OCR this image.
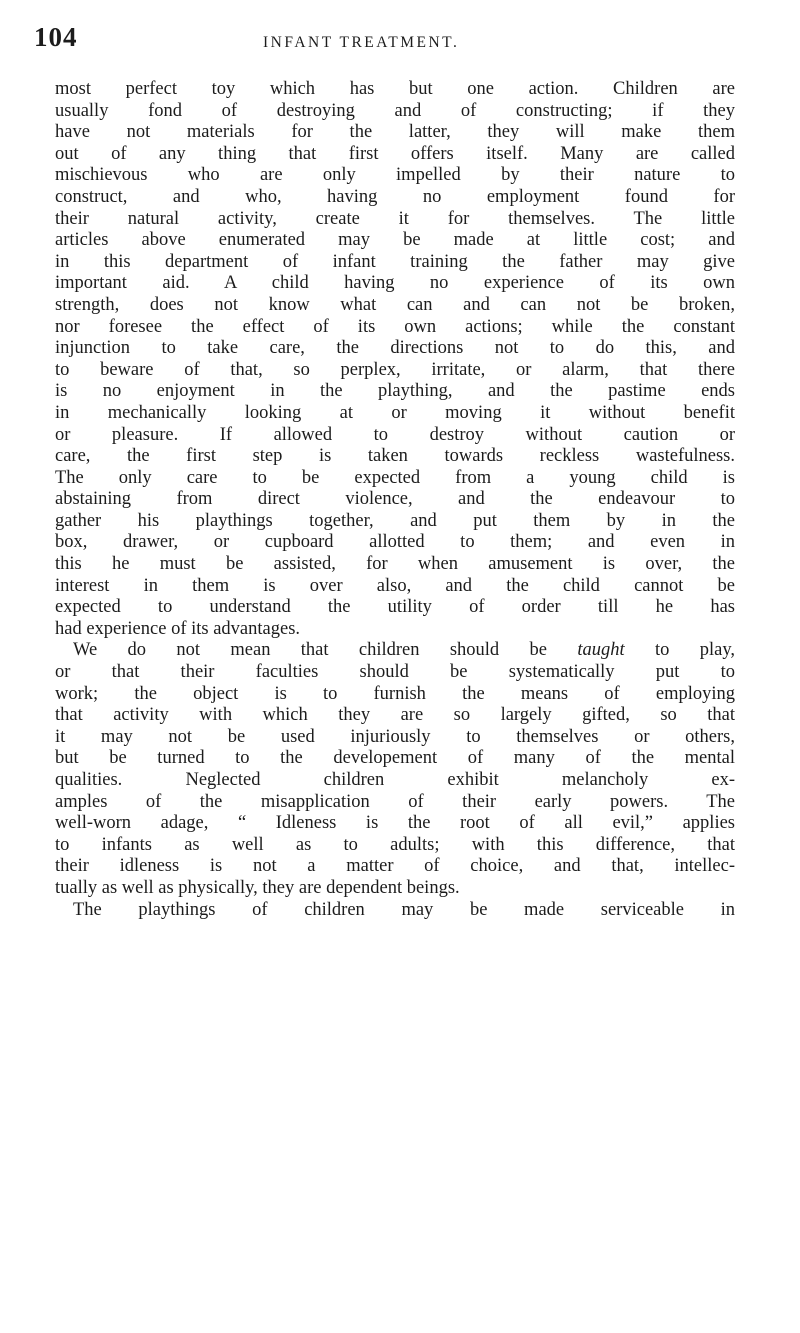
104	INFANT TREATMENT.
most perfect toy which has but one action. Children are
usually fond of destroying and of constructing; if they
have not materials for the latter, they will make them
out of any thing that first offers itself. Many are called
mischievous who are only impelled by their nature to
construct, and who, having no employment found for
their natural activity, create it for themselves. The little
articles above enumerated may be made at little cost; and
in this department of infant training the father may give
important aid. A child having no experience of its own
strength, does not know what can and can not be broken,
nor foresee the effect of its own actions; while the constant
injunction to take care, the directions not to do this, and
to beware of that, so perplex, irritate, or alarm, that there
is no enjoyment in the plaything, and the pastime ends
in mechanically looking at or moving it without benefit
or pleasure. If allowed to destroy without caution or
care, the first step is taken towards reckless wastefulness.
The only care to be expected from a young child is
abstaining from direct violence, and the endeavour to
gather his playthings together, and put them by in the
box, drawer, or cupboard allotted to them; and even in
this he must be assisted, for when amusement is over, the
interest in them is over also, and the child cannot be
expected to understand the utility of order till he has
had experience of its advantages.
We do not mean that children should be taught to play,
or that their faculties should be systematically put to
work; the object is to furnish the means of employing
that activity with which they are so largely gifted, so that
it may not be used injuriously to themselves or others,
but be turned to the developement of many of the mental
qualities. Neglected children exhibit melancholy ex-
amples of the misapplication of their early powers. The
well-worn adage, “ Idleness is the root of all evil,” applies
to infants as well as to adults; with this difference, that
their idleness is not a matter of choice, and that, intellec-
tually as well as physically, they are dependent beings.
The playthings of children may be made serviceable in
